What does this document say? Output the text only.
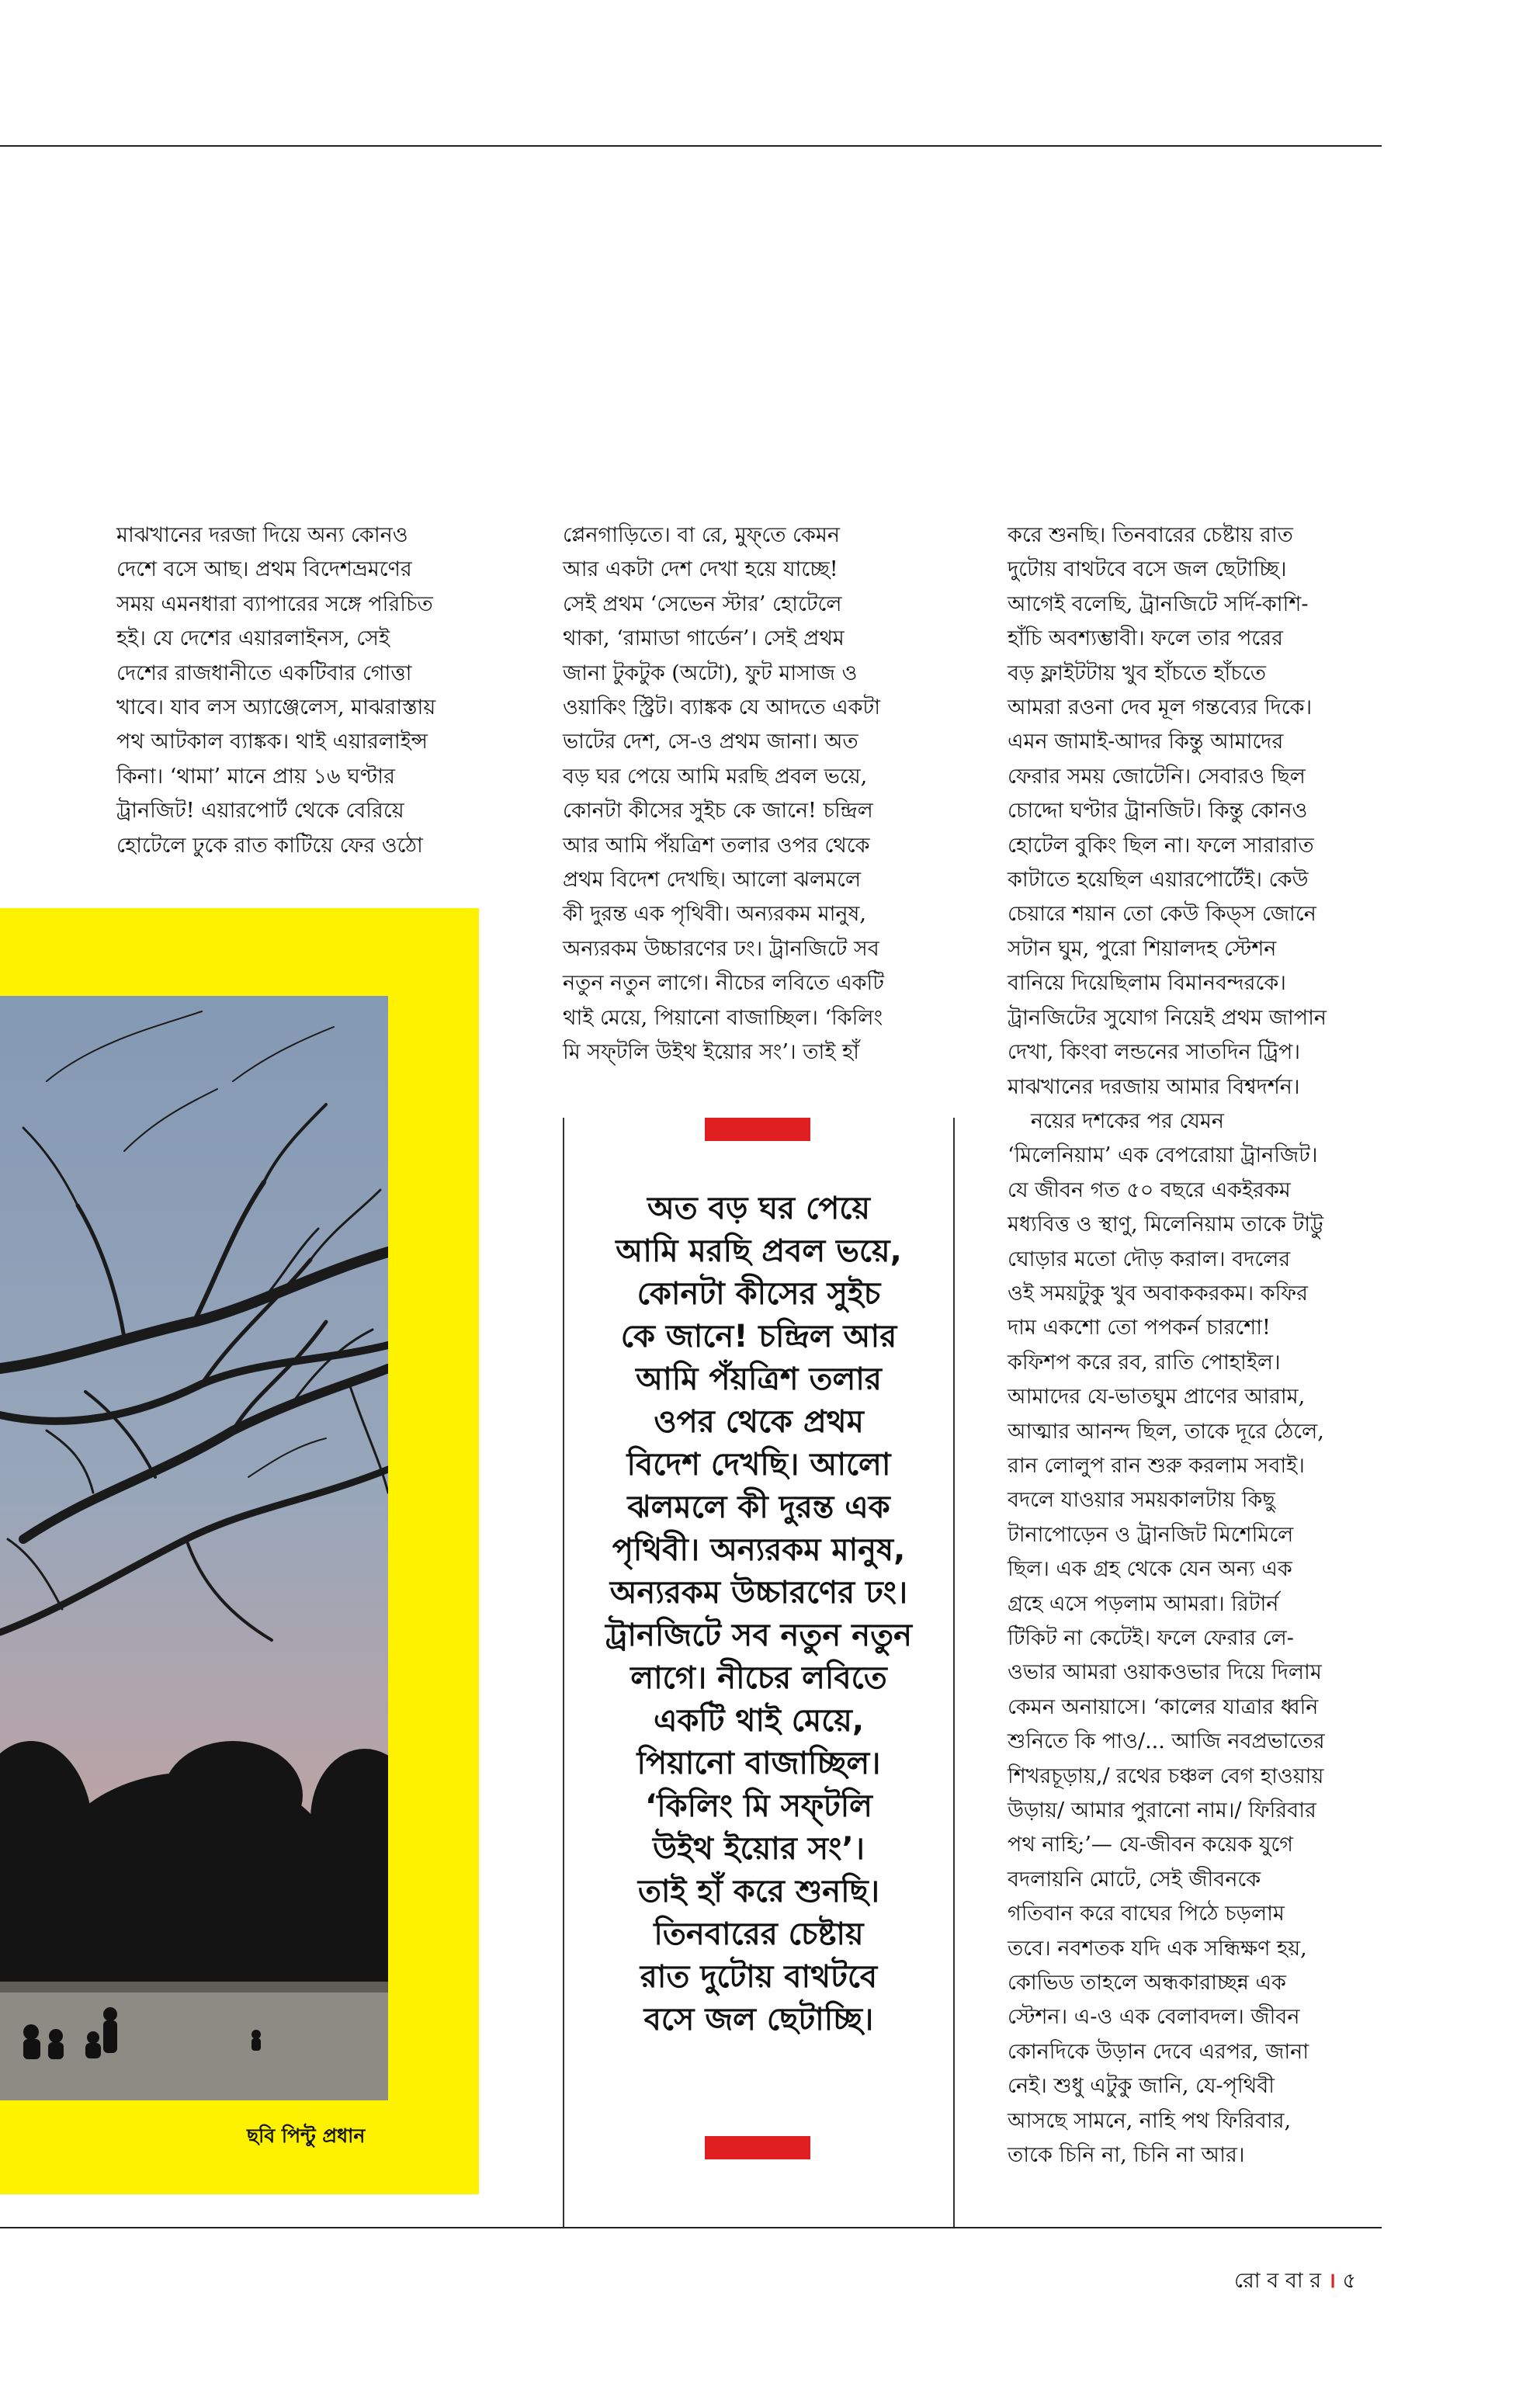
মাঝখানের দরজা দিয়ে অন্য কোনও

দেশে বসে আছ। প্রথম বিদেশভ্রমণের

সময় এমনধারা ব্যাপারের সঙ্গে পরিচিত

হই। যে দেশের এয়ারলাইনস, সেই

দেশের রাজধানীতে একটিবার গোত্তা

খাবে। যাব লস অ্যাঞ্জেলেস, মাঝরাস্তায়

পথ আটকাল ব্যাঙ্কক। থাই এয়ারলাইন্স

কিনা। ‘থামা’ মানে প্রায় ১৬ ঘণ্টার

ট্রানজিট! এয়ারপোর্ট থেকে বেরিয়ে

হোটেলে ঢুকে রাত কাটিয়ে ফের ওঠো

প্লেনগাড়িতে। বা রে, মুফ্‌তে কেমন

আর একটা দেশ দেখা হয়ে যাচ্ছে!

সেই প্রথম ‘সেভেন স্টার’ হোটেলে

থাকা, ‘রামাডা গার্ডেন’। সেই প্রথম

জানা টুকটুক (অটো), ফুট মাসাজ ও

ওয়াকিং স্ট্রিট। ব্যাঙ্কক যে আদতে একটা

ভাটের দেশ, সে-ও প্রথম জানা। অত

বড় ঘর পেয়ে আমি মরছি প্রবল ভয়ে,

কোনটা কীসের সুইচ কে জানে! চন্দ্রিল

আর আমি পঁয়ত্রিশ তলার ওপর থেকে

প্রথম বিদেশ দেখছি। আলো ঝলমলে

কী দুরন্ত এক পৃথিবী। অন্যরকম মানুষ,

অন্যরকম উচ্চারণের ঢং। ট্রানজিটে সব

নতুন নতুন লাগে। নীচের লবিতে একটি

থাই মেয়ে, পিয়ানো বাজাচ্ছিল। ‘কিলিং

মি সফ্‌টলি উইথ ইয়োর সং’। তাই হাঁ

করে শুনছি। তিনবারের চেষ্টায় রাত

দুটোয় বাথটবে বসে জল ছেটাচ্ছি।

আগেই বলেছি, ট্রানজিটে সর্দি-কাশি-

হাঁচি অবশ্যম্ভাবী। ফলে তার পরের

বড় ফ্লাইটটায় খুব হাঁচতে হাঁচতে

আমরা রওনা দেব মূল গন্তব্যের দিকে।

এমন জামাই-আদর কিন্তু আমাদের

ফেরার সময় জোটেনি। সেবারও ছিল

চোদ্দো ঘণ্টার ট্রানজিট। কিন্তু কোনও

হোটেল বুকিং ছিল না। ফলে সারারাত

কাটাতে হয়েছিল এয়ারপোর্টেই। কেউ

চেয়ারে শয়ান তো কেউ কিড্‌স জোনে

সটান ঘুম, পুরো শিয়ালদহ স্টেশন

বানিয়ে দিয়েছিলাম বিমানবন্দরকে।

ট্রানজিটের সুযোগ নিয়েই প্রথম জাপান

দেখা, কিংবা লন্ডনের সাতদিন ট্রিপ।

মাঝখানের দরজায় আমার বিশ্বদর্শন।

নয়ের দশকের পর যেমন

‘মিলেনিয়াম’ এক বেপরোয়া ট্রানজিট।

যে জীবন গত ৫০ বছরে একইরকম

মধ্যবিত্ত ও স্থাণু, মিলেনিয়াম তাকে টাট্টু

ঘোড়ার মতো দৌড় করাল। বদলের

ওই সময়টুকু খুব অবাককরকম। কফির

দাম একশো তো পপকর্ন চারশো!

কফিশপ করে রব, রাতি পোহাইল।

আমাদের যে-ভাতঘুম প্রাণের আরাম,

আত্মার আনন্দ ছিল, তাকে দূরে ঠেলে,

রান লোলুপ রান শুরু করলাম সবাই।

বদলে যাওয়ার সময়কালটায় কিছু

টানাপোড়েন ও ট্রানজিট মিশেমিলে

ছিল। এক গ্রহ থেকে যেন অন্য এক

গ্রহে এসে পড়লাম আমরা। রিটার্ন

টিকিট না কেটেই। ফলে ফেরার লে-

ওভার আমরা ওয়াকওভার দিয়ে দিলাম

কেমন অনায়াসে। ‘কালের যাত্রার ধ্বনি

শুনিতে কি পাও/... আজি নবপ্রভাতের

শিখরচূড়ায়,/ রথের চঞ্চল বেগ হাওয়ায়

উড়ায়/ আমার পুরানো নাম।/ ফিরিবার

পথ নাহি;’— যে-জীবন কয়েক যুগে

বদলায়নি মোটে, সেই জীবনকে

গতিবান করে বাঘের পিঠে চড়লাম

তবে। নবশতক যদি এক সন্ধিক্ষণ হয়,

কোভিড তাহলে অন্ধকারাচ্ছন্ন এক

স্টেশন। এ-ও এক বেলাবদল। জীবন

কোনদিকে উড়ান দেবে এরপর, জানা

নেই। শুধু এটুকু জানি, যে-পৃথিবী

আসছে সামনে, নাহি পথ ফিরিবার,

তাকে চিনি না, চিনি না আর।

ছবি পিন্টু প্রধান

অত বড় ঘর পেয়ে

আমি মরছি প্রবল ভয়ে,

কোনটা কীসের সুইচ

কে জানে! চন্দ্রিল আর

আমি পঁয়ত্রিশ তলার

ওপর থেকে প্রথম

বিদেশ দেখছি। আলো

ঝলমলে কী দুরন্ত এক

পৃথিবী। অন্যরকম মানুষ,

অন্যরকম উচ্চারণের ঢং।

ট্রানজিটে সব নতুন নতুন

লাগে। নীচের লবিতে

একটি থাই মেয়ে,

পিয়ানো বাজাচ্ছিল।

‘কিলিং মি সফ্‌টলি

উইথ ইয়োর সং’।

তাই হাঁ করে শুনছি।

তিনবারের চেষ্টায়

রাত দুটোয় বাথটবে

বসে জল ছেটাচ্ছি।

রো ব বা র । ৫
